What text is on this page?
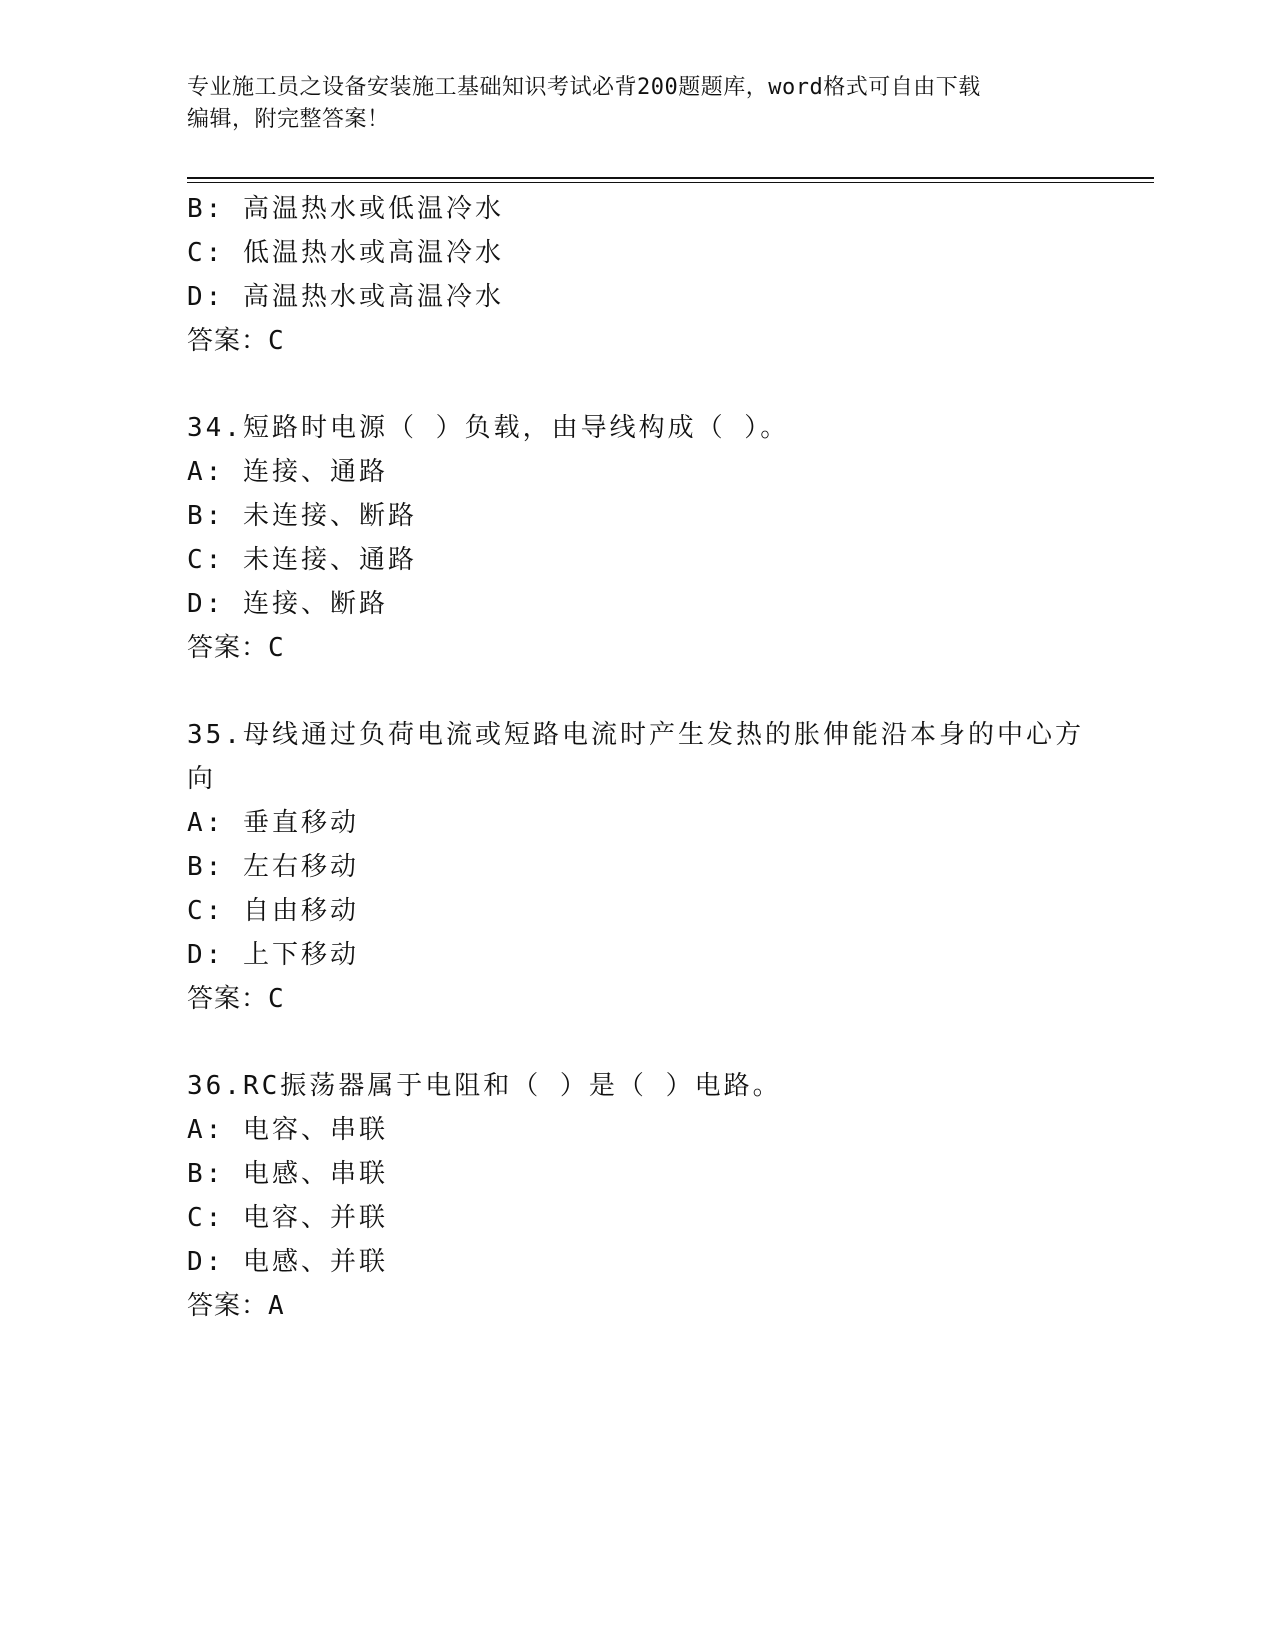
专业施工员之设备安装施工基础知识考试必背200题题库，word格式可自由下载
编辑，附完整答案！
B: 高温热水或低温冷水
C: 低温热水或高温冷水
D: 高温热水或高温冷水
答案：C
34.短路时电源（ ）负载，由导线构成（ ）。
A: 连接、通路
B: 未连接、断路
C: 未连接、通路
D: 连接、断路
答案：C
35.母线通过负荷电流或短路电流时产生发热的胀伸能沿本身的中心方
向
A: 垂直移动
B: 左右移动
C: 自由移动
D: 上下移动
答案：C
36.RC振荡器属于电阻和（ ）是（ ）电路。
A: 电容、串联
B: 电感、串联
C: 电容、并联
D: 电感、并联
答案：A
